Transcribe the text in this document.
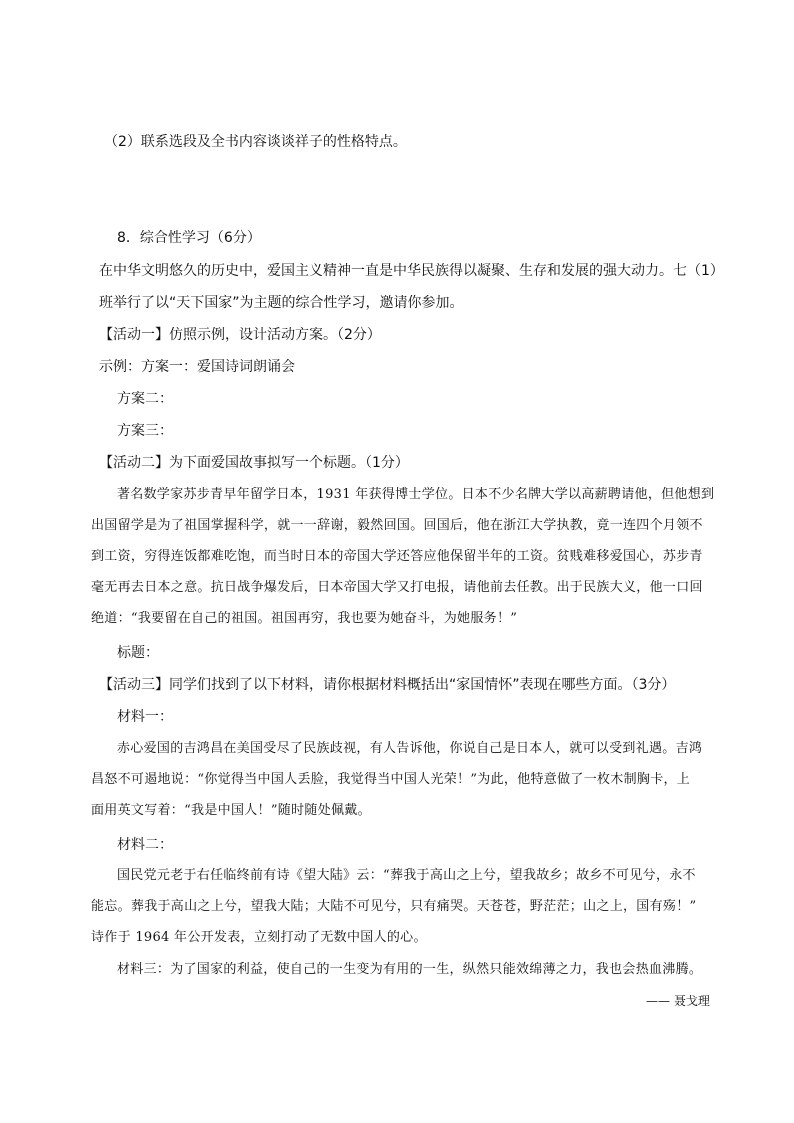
（2）联系选段及全书内容谈谈祥子的性格特点。
8．综合性学习（6分）
在中华文明悠久的历史中，爱国主义精神一直是中华民族得以凝聚、生存和发展的强大动力。七（1）
班举行了以“天下国家”为主题的综合性学习，邀请你参加。
【活动一】仿照示例，设计活动方案。（2分）
示例：方案一：爱国诗词朗诵会
方案二：
方案三：
【活动二】为下面爱国故事拟写一个标题。（1分）
著名数学家苏步青早年留学日本，1931 年获得博士学位。日本不少名牌大学以高薪聘请他，但他想到
出国留学是为了祖国掌握科学，就一一辞谢，毅然回国。回国后，他在浙江大学执教，竟一连四个月领不
到工资，穷得连饭都难吃饱，而当时日本的帝国大学还答应他保留半年的工资。贫贱难移爱国心，苏步青
毫无再去日本之意。抗日战争爆发后，日本帝国大学又打电报，请他前去任教。出于民族大义，他一口回
绝道：“我要留在自己的祖国。祖国再穷，我也要为她奋斗，为她服务！”
标题：
【活动三】同学们找到了以下材料，请你根据材料概括出“家国情怀”表现在哪些方面。（3分）
材料一：
赤心爱国的吉鸿昌在美国受尽了民族歧视，有人告诉他，你说自己是日本人，就可以受到礼遇。吉鸿
昌怒不可遏地说：“你觉得当中国人丢脸，我觉得当中国人光荣！”为此，他特意做了一枚木制胸卡，上
面用英文写着：“我是中国人！”随时随处佩戴。
材料二：
国民党元老于右任临终前有诗《望大陆》云：“葬我于高山之上兮，望我故乡；故乡不可见兮，永不
能忘。葬我于高山之上兮，望我大陆；大陆不可见兮，只有痛哭。天苍苍，野茫茫；山之上，国有殇！”
诗作于 1964 年公开发表，立刻打动了无数中国人的心。
材料三：为了国家的利益，使自己的一生变为有用的一生，纵然只能效绵薄之力，我也会热血沸腾。
—— 聂戈理
